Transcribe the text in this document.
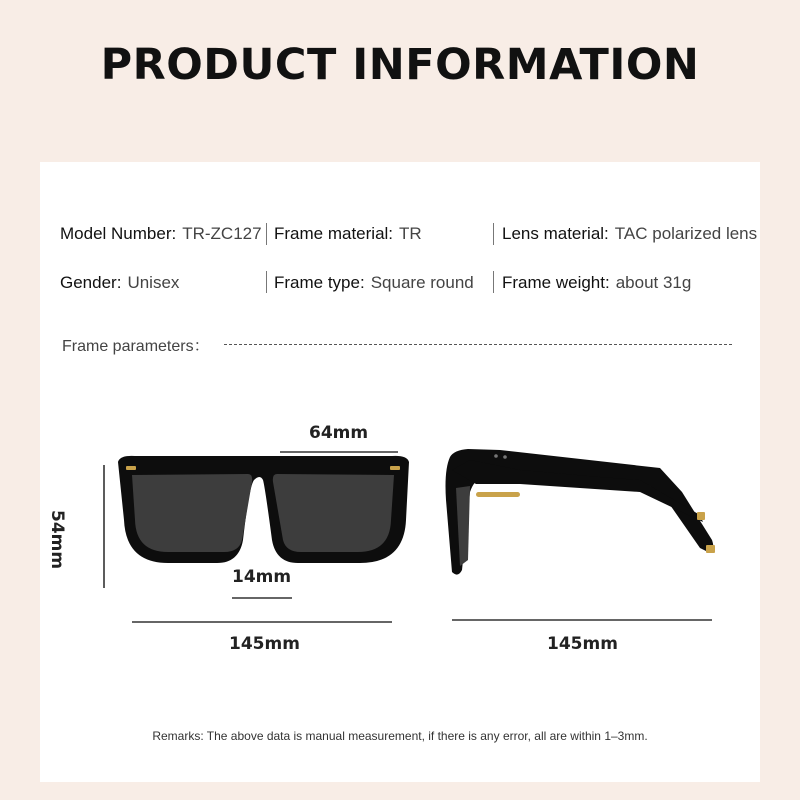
PRODUCT INFORMATION
Model Number: TR-ZC127 Frame material: TR	Lens material: TAC polarized lens
Gender: Unisex	Frame type: Square round Frame weight: about 31g
Frame parameters：
64mm
54mm
14mm
145mm	145mm
Remarks: The above data is manual measurement, if there is any error, all are within 1–3mm.
